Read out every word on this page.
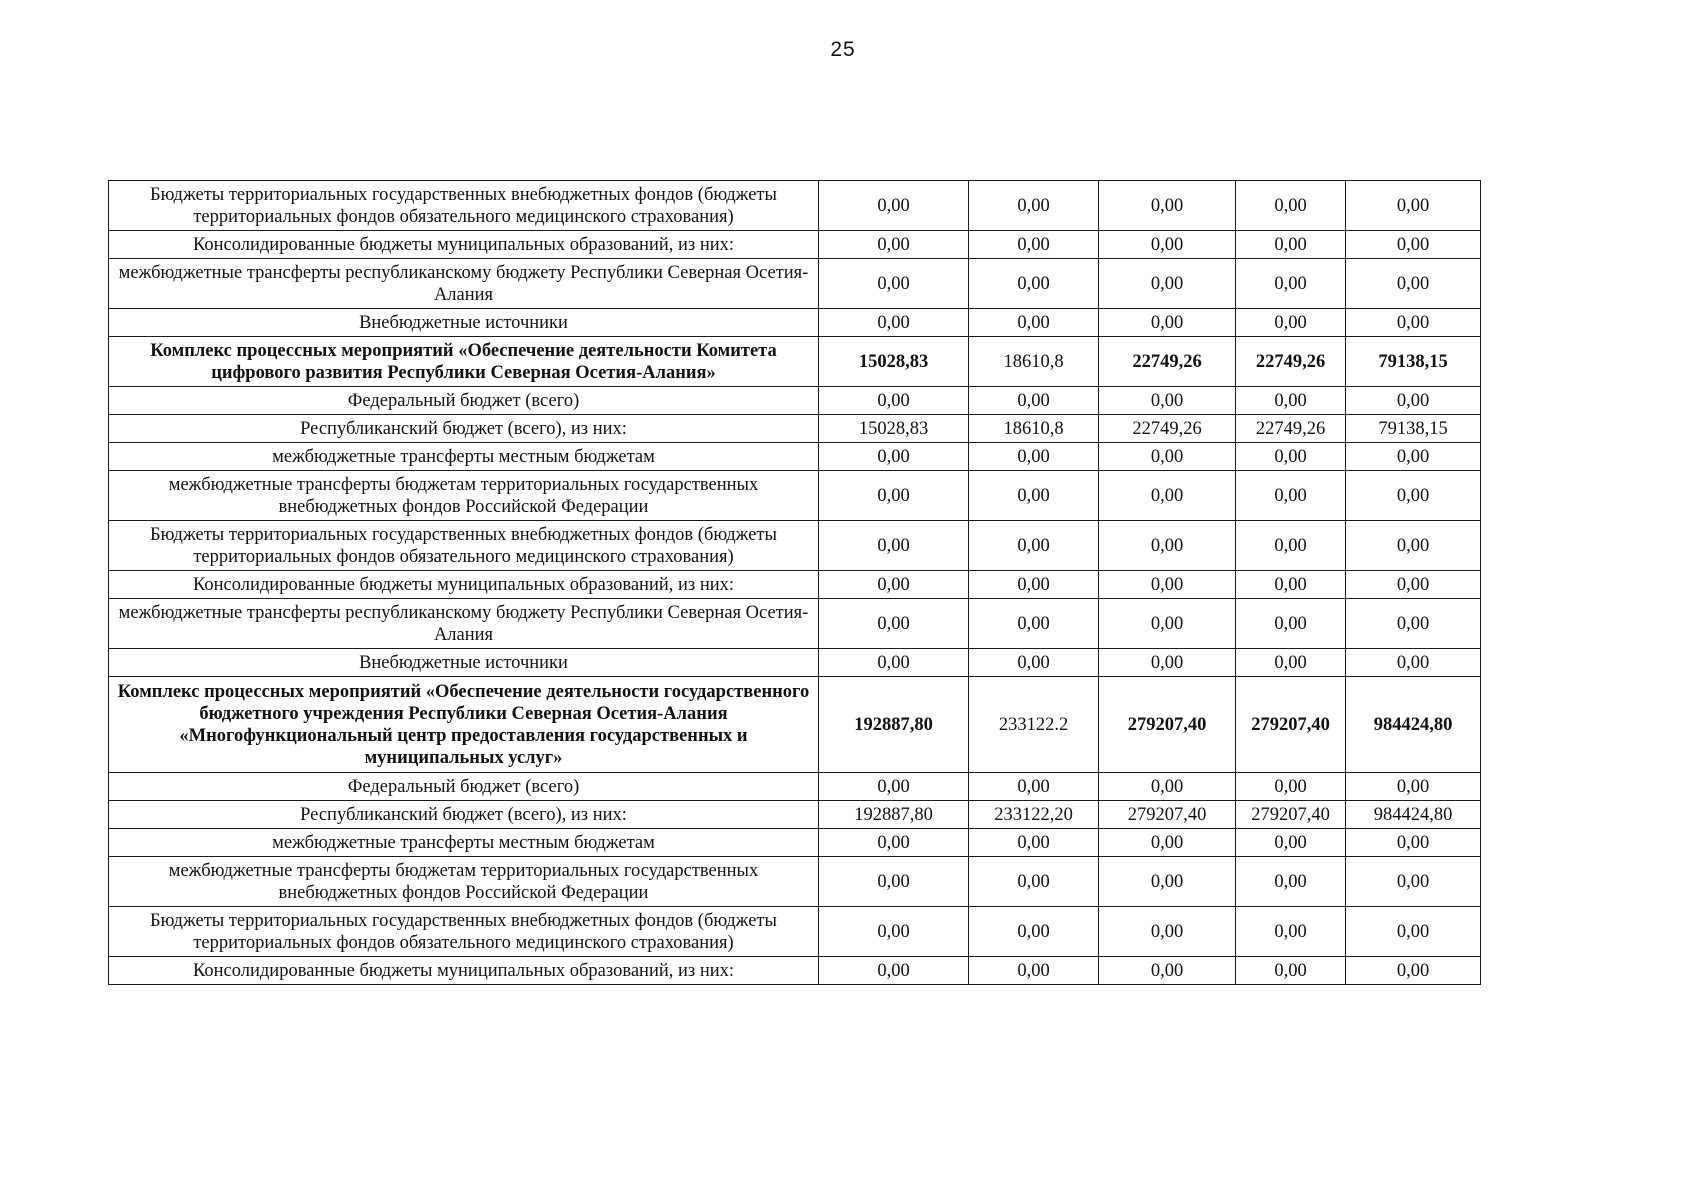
25
Бюджеты территориальных государственных внебюджетных фондов (бюджеты территориальных фондов обязательного медицинского страхования)	0,00	0,00	0,00	0,00	0,00
Консолидированные бюджеты муниципальных образований, из них:	0,00	0,00	0,00	0,00	0,00
межбюджетные трансферты республиканскому бюджету Республики Северная Осетия-Алания	0,00	0,00	0,00	0,00	0,00
Внебюджетные источники	0,00	0,00	0,00	0,00	0,00
Комплекс процессных мероприятий «Обеспечение деятельности Комитета цифрового развития Республики Северная Осетия-Алания»	15028,83	18610,8	22749,26	22749,26	79138,15
Федеральный бюджет (всего)	0,00	0,00	0,00	0,00	0,00
Республиканский бюджет (всего), из них:	15028,83	18610,8	22749,26	22749,26	79138,15
межбюджетные трансферты местным бюджетам	0,00	0,00	0,00	0,00	0,00
межбюджетные трансферты бюджетам территориальных государственных внебюджетных фондов Российской Федерации	0,00	0,00	0,00	0,00	0,00
Бюджеты территориальных государственных внебюджетных фондов (бюджеты территориальных фондов обязательного медицинского страхования)	0,00	0,00	0,00	0,00	0,00
Консолидированные бюджеты муниципальных образований, из них:	0,00	0,00	0,00	0,00	0,00
межбюджетные трансферты республиканскому бюджету Республики Северная Осетия-Алания	0,00	0,00	0,00	0,00	0,00
Внебюджетные источники	0,00	0,00	0,00	0,00	0,00
Комплекс процессных мероприятий «Обеспечение деятельности государственного бюджетного учреждения Республики Северная Осетия-Алания «Многофункциональный центр предоставления государственных и муниципальных услуг»	192887,80	233122.2	279207,40	279207,40	984424,80
Федеральный бюджет (всего)	0,00	0,00	0,00	0,00	0,00
Республиканский бюджет (всего), из них:	192887,80	233122,20	279207,40	279207,40	984424,80
межбюджетные трансферты местным бюджетам	0,00	0,00	0,00	0,00	0,00
межбюджетные трансферты бюджетам территориальных государственных внебюджетных фондов Российской Федерации	0,00	0,00	0,00	0,00	0,00
Бюджеты территориальных государственных внебюджетных фондов (бюджеты территориальных фондов обязательного медицинского страхования)	0,00	0,00	0,00	0,00	0,00
Консолидированные бюджеты муниципальных образований, из них:	0,00	0,00	0,00	0,00	0,00
